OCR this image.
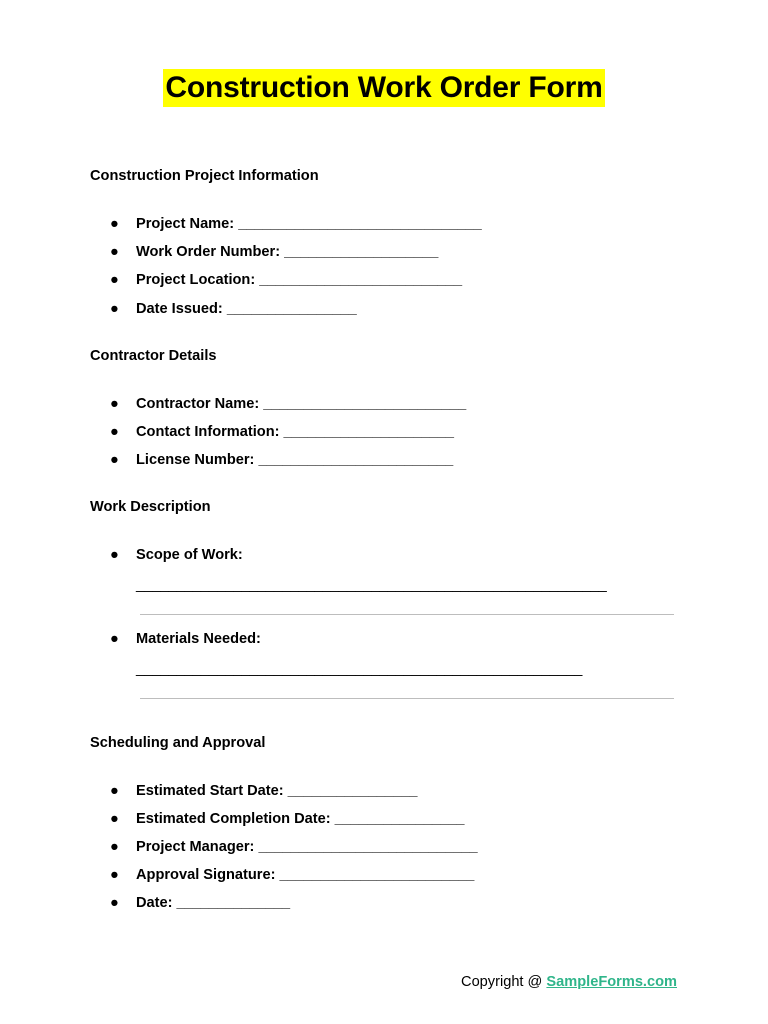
Construction Work Order Form
Construction Project Information
● Project Name: ______________________________
● Work Order Number: ___________________
● Project Location: _________________________
● Date Issued: ________________
Contractor Details
● Contractor Name: _________________________
● Contact Information: _____________________
● License Number: ________________________
Work Description
● Scope of Work:
__________________________________________________________
● Materials Needed:
_______________________________________________________
Scheduling and Approval
● Estimated Start Date: ________________
● Estimated Completion Date: ________________
● Project Manager: ___________________________
● Approval Signature: ________________________
● Date: ______________
Copyright @ SampleForms.com
